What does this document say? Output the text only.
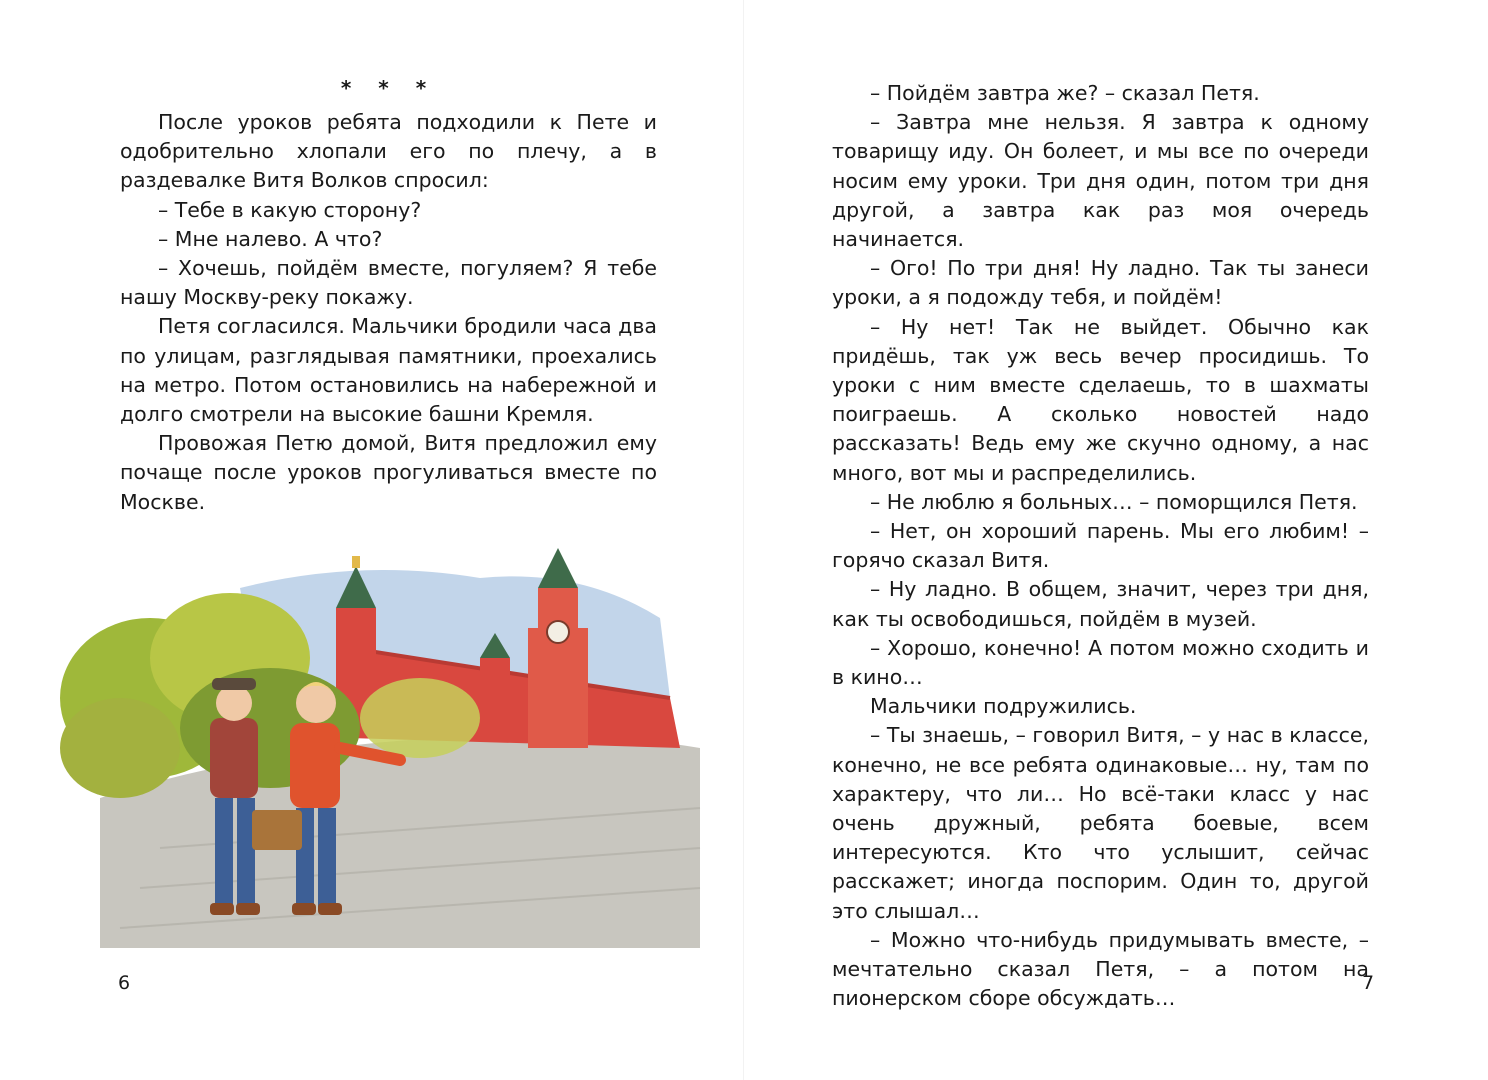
* * *

После уроков ребята подходили к Пете и одобрительно хлопали его по плечу, а в раздевалке Витя Волков спросил:

– Тебе в какую сторону?

– Мне налево. А что?

– Хочешь, пойдём вместе, погуляем? Я тебе нашу Москву-реку покажу.

Петя согласился. Мальчики бродили часа два по улицам, разглядывая памятники, проехались на метро. Потом остановились на набережной и долго смотрели на высокие башни Кремля.

Провожая Петю домой, Витя предложил ему почаще после уроков прогуливаться вместе по Москве.

6

– Пойдём завтра же? – сказал Петя.

– Завтра мне нельзя. Я завтра к одному товарищу иду. Он болеет, и мы все по очереди носим ему уроки. Три дня один, потом три дня другой, а завтра как раз моя очередь начинается.

– Ого! По три дня! Ну ладно. Так ты занеси уроки, а я подожду тебя, и пойдём!

– Ну нет! Так не выйдет. Обычно как придёшь, так уж весь вечер просидишь. То уроки с ним вместе сделаешь, то в шахматы поиграешь. А сколько новостей надо рассказать! Ведь ему же скучно одному, а нас много, вот мы и распределились.

– Не люблю я больных… – поморщился Петя.

– Нет, он хороший парень. Мы его любим! – горячо сказал Витя.

– Ну ладно. В общем, значит, через три дня, как ты освободишься, пойдём в музей.

– Хорошо, конечно! А потом можно сходить и в кино…

Мальчики подружились.

– Ты знаешь, – говорил Витя, – у нас в классе, конечно, не все ребята одинаковые… ну, там по характеру, что ли… Но всё-таки класс у нас очень дружный, ребята боевые, всем интересуются. Кто что услышит, сейчас расскажет; иногда поспорим. Один то, другой это слышал…

– Можно что-нибудь придумывать вместе, – мечтательно сказал Петя, – а потом на пионерском сборе обсуждать…

7
